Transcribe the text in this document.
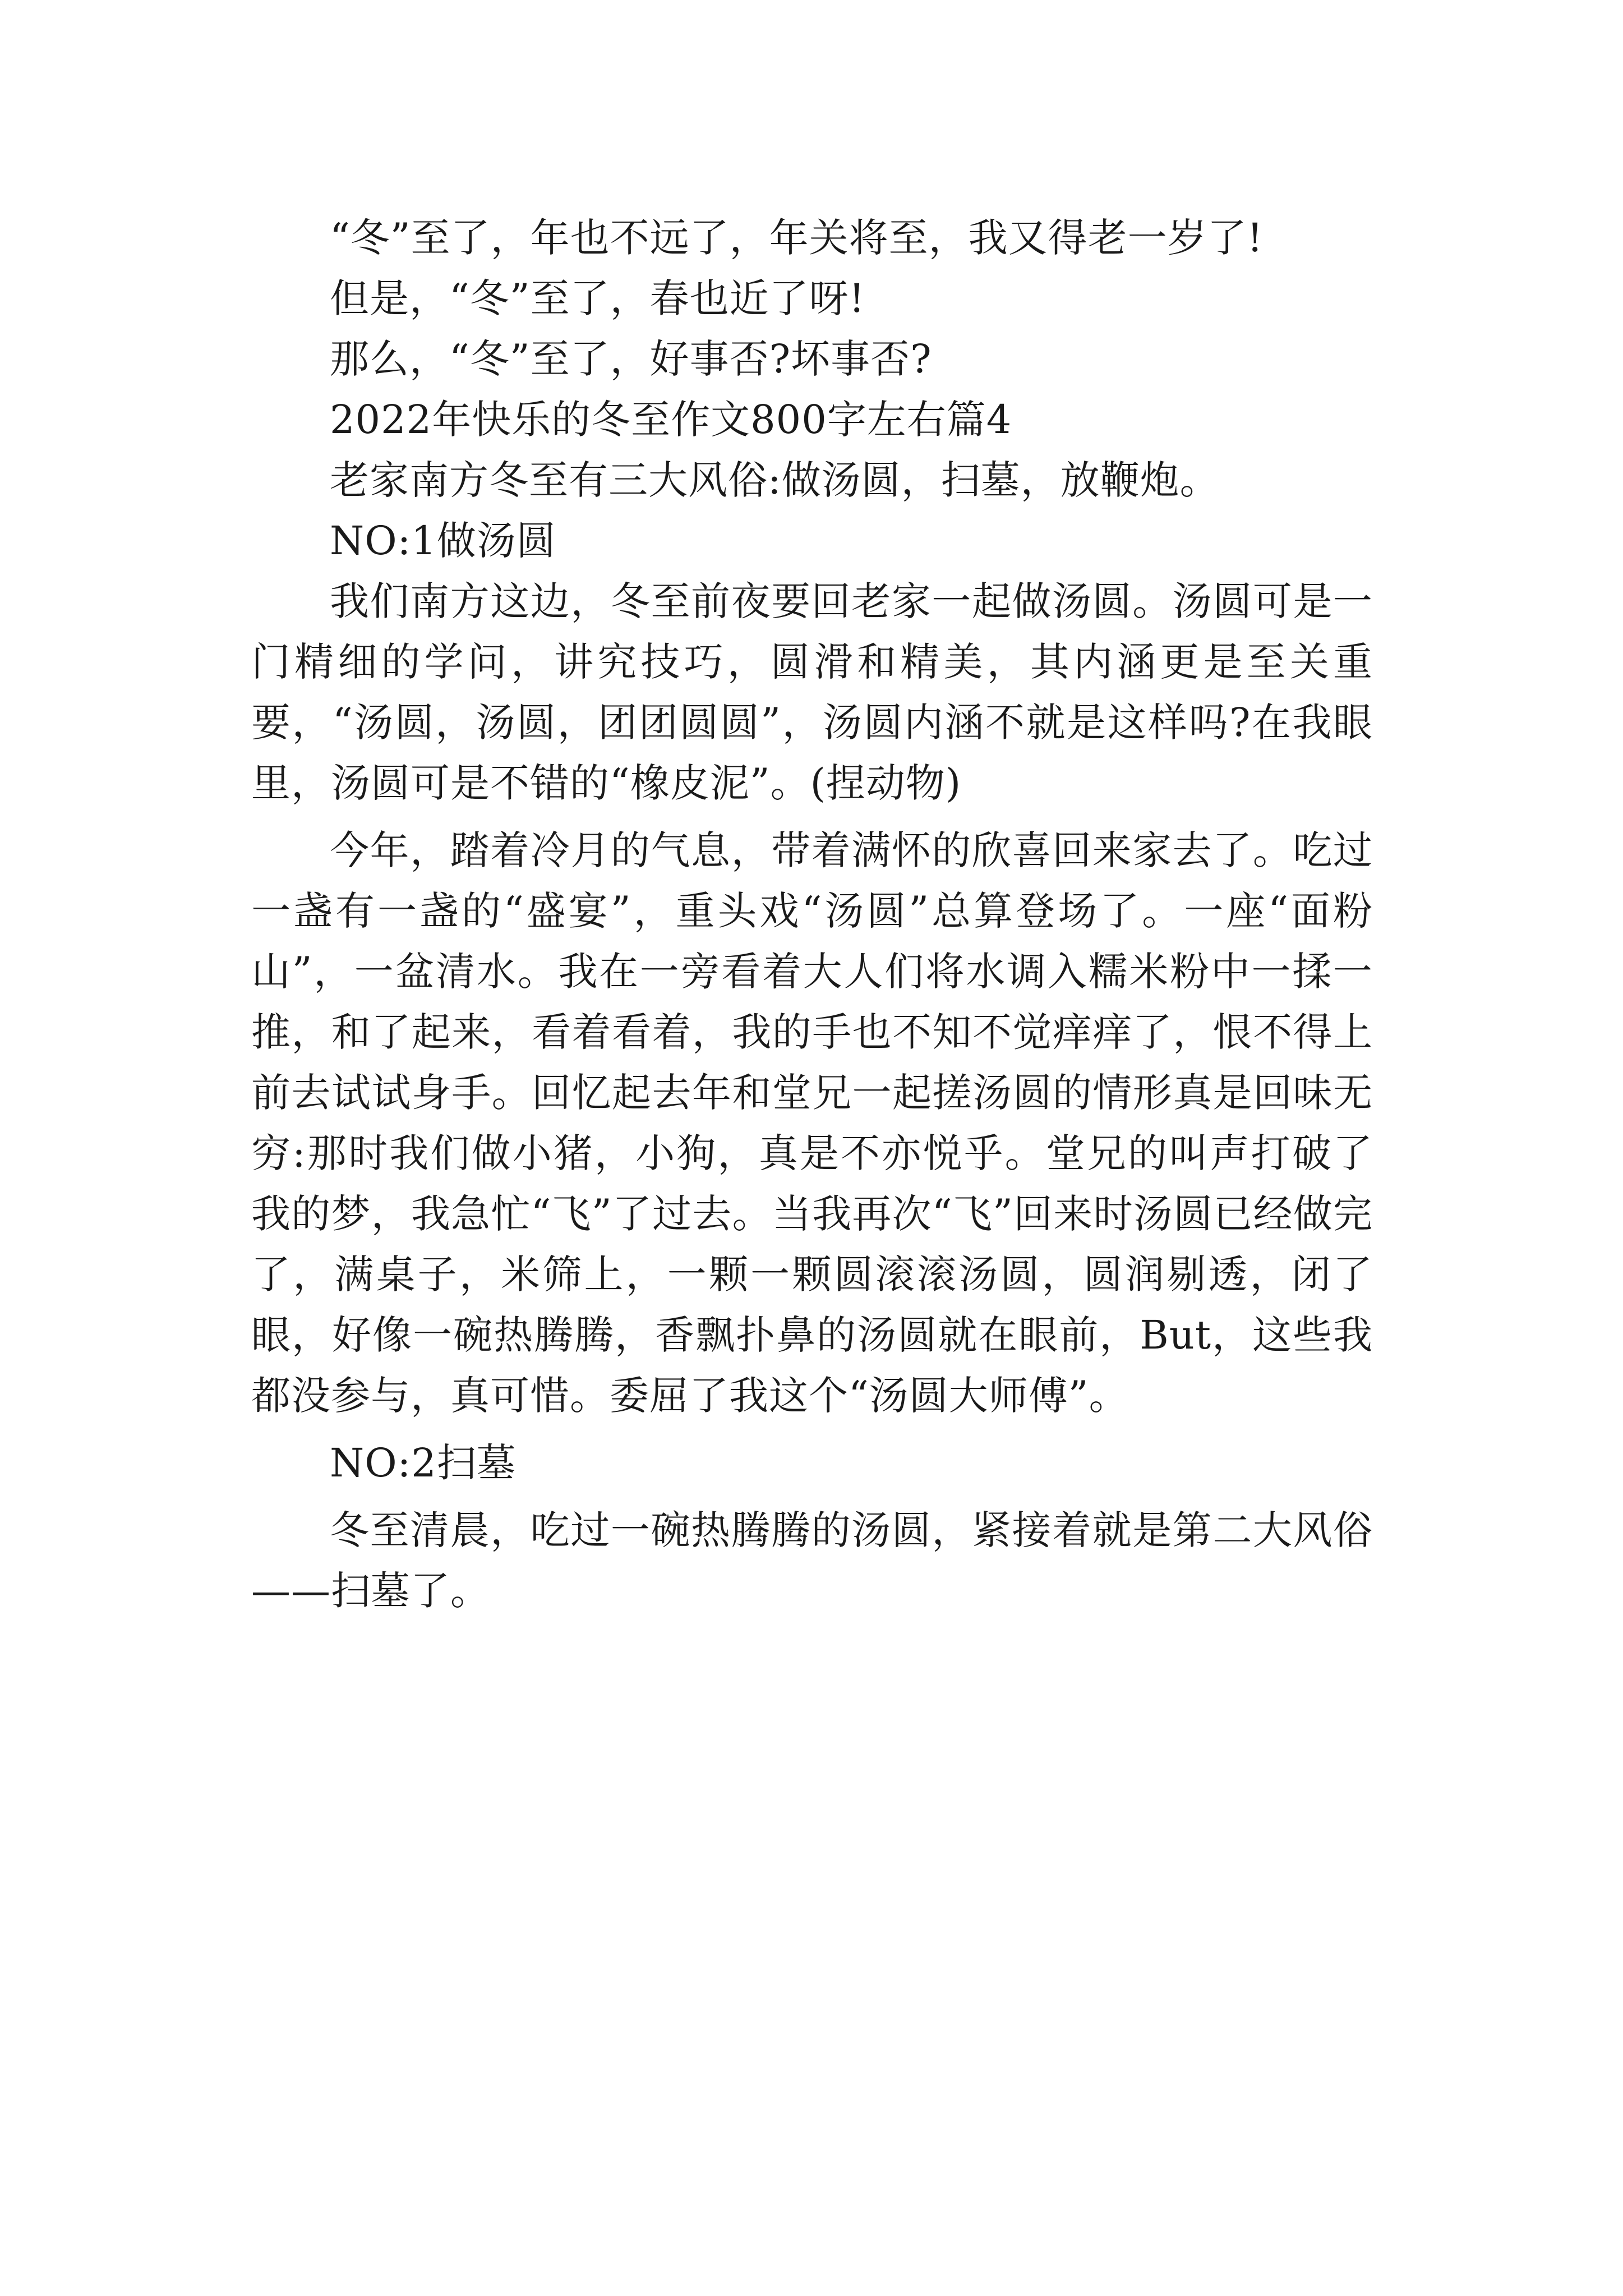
“冬”至了，年也不远了，年关将至，我又得老一岁了!

但是，“冬”至了，春也近了呀!

那么，“冬”至了，好事否?坏事否?

2022年快乐的冬至作文800字左右篇4

老家南方冬至有三大风俗:做汤圆，扫墓，放鞭炮。

NO:1做汤圆

我们南方这边，冬至前夜要回老家一起做汤圆。汤圆可是一门精细的学问，讲究技巧，圆滑和精美，其内涵更是至关重要，“汤圆，汤圆，团团圆圆”，汤圆内涵不就是这样吗?在我眼里，汤圆可是不错的“橡皮泥”。(捏动物)

今年，踏着冷月的气息，带着满怀的欣喜回来家去了。吃过一盏有一盏的“盛宴”，重头戏“汤圆”总算登场了。一座“面粉山”，一盆清水。我在一旁看着大人们将水调入糯米粉中一揉一推，和了起来，看着看着，我的手也不知不觉痒痒了，恨不得上前去试试身手。回忆起去年和堂兄一起搓汤圆的情形真是回味无穷:那时我们做小猪，小狗，真是不亦悦乎。堂兄的叫声打破了我的梦，我急忙“飞”了过去。当我再次“飞”回来时汤圆已经做完了，满桌子，米筛上，一颗一颗圆滚滚汤圆，圆润剔透，闭了眼，好像一碗热腾腾，香飘扑鼻的汤圆就在眼前，But，这些我都没参与，真可惜。委屈了我这个“汤圆大师傅”。

NO:2扫墓

冬至清晨，吃过一碗热腾腾的汤圆，紧接着就是第二大风俗——扫墓了。
